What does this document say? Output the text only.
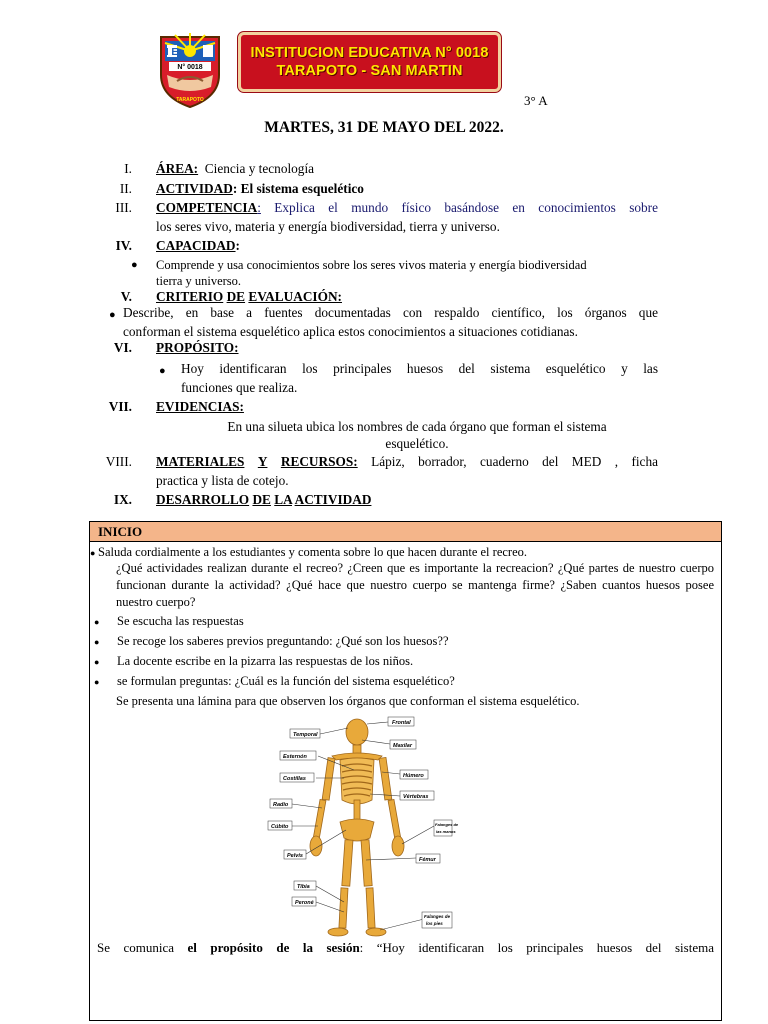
I E
N° 0018
TARAPOTO
INSTITUCION EDUCATIVA N° 0018
TARAPOTO - SAN MARTIN
3° A
MARTES, 31 DE MAYO DEL 2022.
I. ÁREA: Ciencia y tecnología
II. ACTIVIDAD: El sistema esquelético
III. COMPETENCIA: Explica el mundo físico basándose en conocimientos sobre
los seres vivo, materia y energía biodiversidad, tierra y universo.
IV. CAPACIDAD:
● Comprende y usa conocimientos sobre los seres vivos materia y energía biodiversidad
tierra y universo.
V. CRITERIO DE EVALUACIÓN:
● Describe, en base a fuentes documentadas con respaldo científico, los órganos que
conforman el sistema esquelético aplica estos conocimientos a situaciones cotidianas.
VI. PROPÓSITO:
● Hoy identificaran los principales huesos del sistema esquelético y las
funciones que realiza.
VII. EVIDENCIAS:
En una silueta ubica los nombres de cada órgano que forman el sistema
esquelético.
VIII. MATERIALES Y RECURSOS: Lápiz, borrador, cuaderno del MED , ficha
practica y lista de cotejo.
IX. DESARROLLO DE LA ACTIVIDAD
INICIO
● Saluda cordialmente a los estudiantes y comenta sobre lo que hacen durante el recreo.
¿Qué actividades realizan durante el recreo? ¿Creen que es importante la recreacion? ¿Qué partes de nuestro cuerpo funcionan durante la actividad? ¿Qué hace que nuestro cuerpo se mantenga firme? ¿Saben cuantos huesos posee nuestro cuerpo?
● Se escucha las respuestas
● Se recoge los saberes previos preguntando: ¿Qué son los huesos??
● La docente escribe en la pizarra las respuestas de los niños.
● se formulan preguntas: ¿Cuál es la función del sistema esquelético?
Se presenta una lámina para que observen los órganos que conforman el sistema esquelético.
Frontal
Temporal
Maxilar
Esternón
Húmero
Costillas
Vértebras
Radio
Cúbito	Falanges de
las manos
Pelvis
Fémur
Tibia
Peroné
Falanges de
los pies
Se comunica el propósito de la sesión: “Hoy identificaran los principales huesos del sistema
